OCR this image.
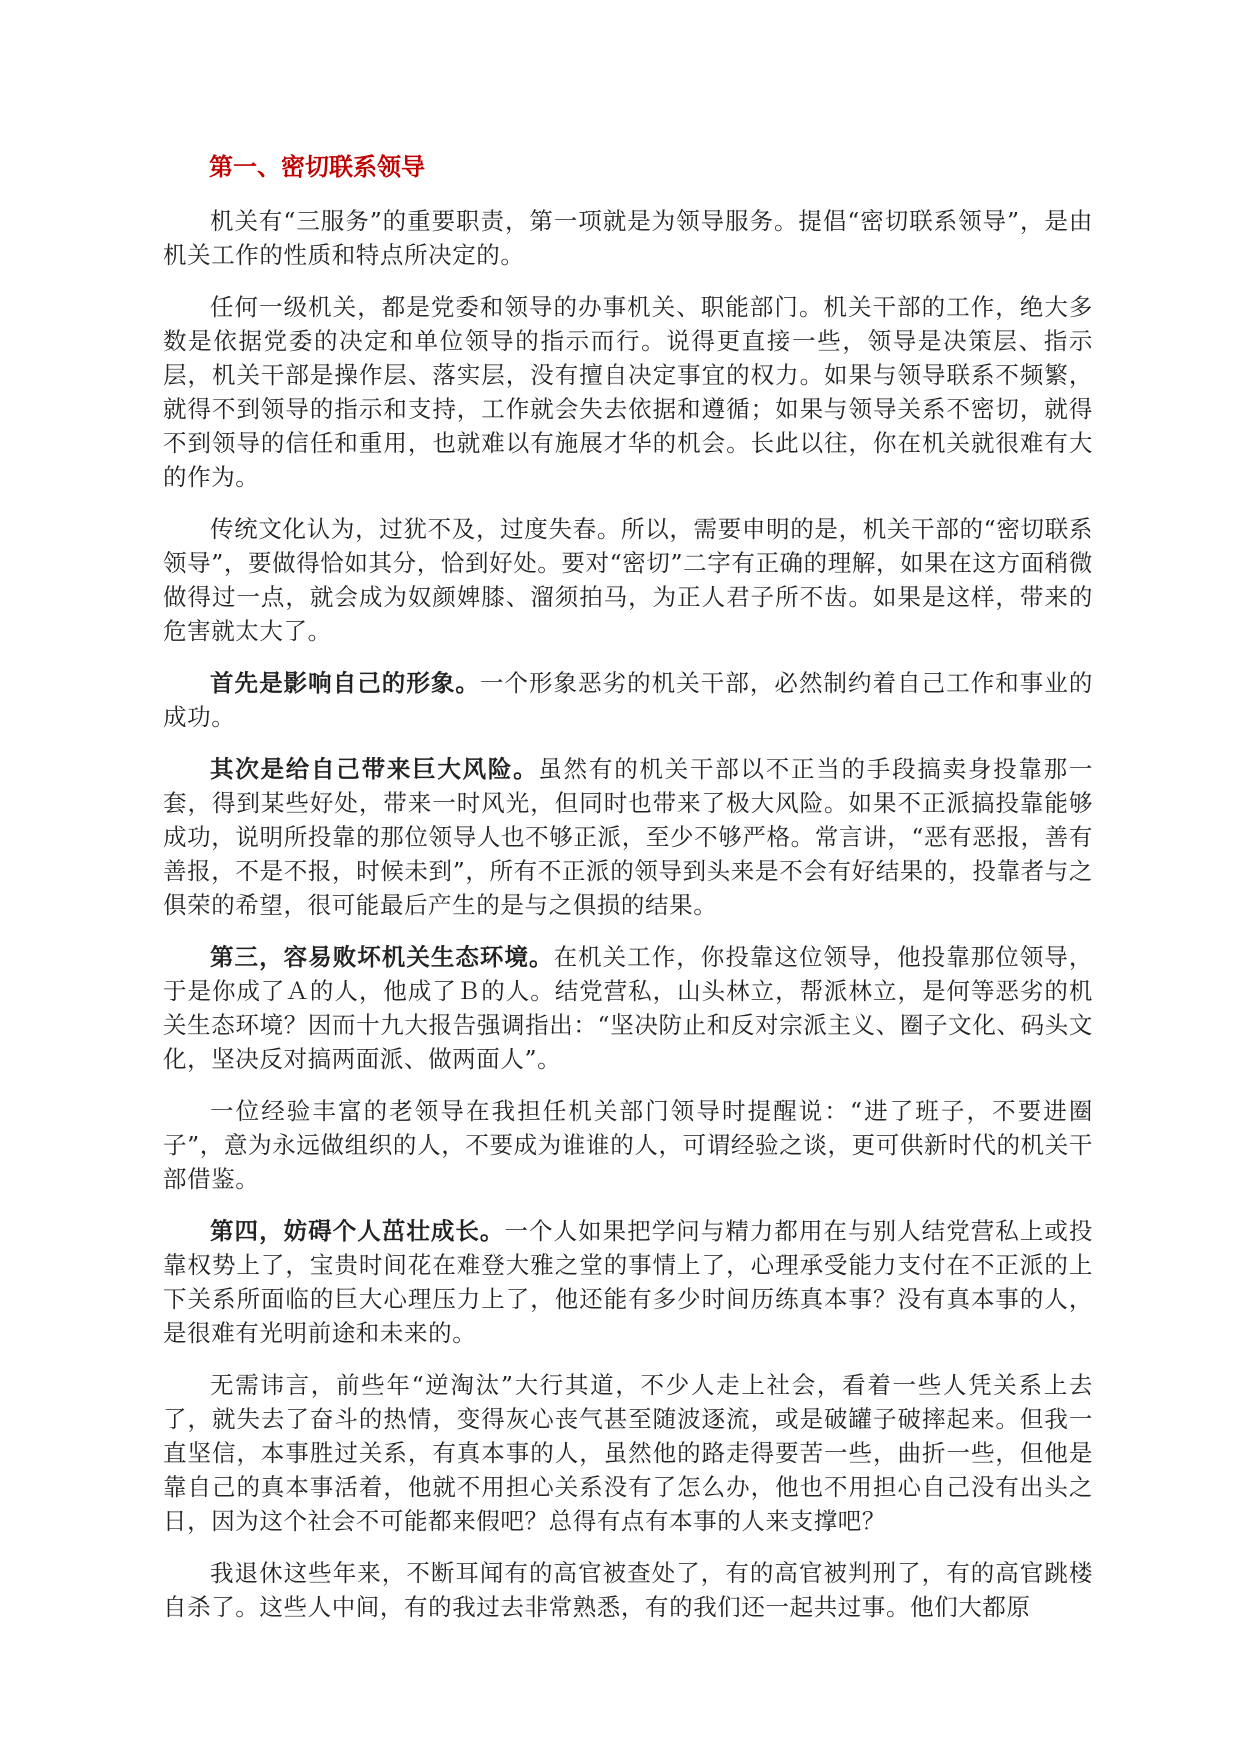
第一、密切联系领导

机关有“三服务”的重要职责，第一项就是为领导服务。提倡“密切联系领导”，是由机关工作的性质和特点所决定的。

任何一级机关，都是党委和领导的办事机关、职能部门。机关干部的工作，绝大多数是依据党委的决定和单位领导的指示而行。说得更直接一些，领导是决策层、指示层，机关干部是操作层、落实层，没有擅自决定事宜的权力。如果与领导联系不频繁，就得不到领导的指示和支持，工作就会失去依据和遵循；如果与领导关系不密切，就得不到领导的信任和重用，也就难以有施展才华的机会。长此以往，你在机关就很难有大的作为。

传统文化认为，过犹不及，过度失春。所以，需要申明的是，机关干部的“密切联系领导”，要做得恰如其分，恰到好处。要对“密切”二字有正确的理解，如果在这方面稍微做得过一点，就会成为奴颜婢膝、溜须拍马，为正人君子所不齿。如果是这样，带来的危害就太大了。

首先是影响自己的形象。一个形象恶劣的机关干部，必然制约着自己工作和事业的成功。

其次是给自己带来巨大风险。虽然有的机关干部以不正当的手段搞卖身投靠那一套，得到某些好处，带来一时风光，但同时也带来了极大风险。如果不正派搞投靠能够成功，说明所投靠的那位领导人也不够正派，至少不够严格。常言讲，“恶有恶报，善有善报，不是不报，时候未到”，所有不正派的领导到头来是不会有好结果的，投靠者与之俱荣的希望，很可能最后产生的是与之俱损的结果。

第三，容易败坏机关生态环境。在机关工作，你投靠这位领导，他投靠那位领导，于是你成了Ａ的人，他成了Ｂ的人。结党营私，山头林立，帮派林立，是何等恶劣的机关生态环境？因而十九大报告强调指出：“坚决防止和反对宗派主义、圈子文化、码头文化，坚决反对搞两面派、做两面人”。

一位经验丰富的老领导在我担任机关部门领导时提醒说：“进了班子，不要进圈子”，意为永远做组织的人，不要成为谁谁的人，可谓经验之谈，更可供新时代的机关干部借鉴。

第四，妨碍个人茁壮成长。一个人如果把学问与精力都用在与别人结党营私上或投靠权势上了，宝贵时间花在难登大雅之堂的事情上了，心理承受能力支付在不正派的上下关系所面临的巨大心理压力上了，他还能有多少时间历练真本事？没有真本事的人，是很难有光明前途和未来的。

无需讳言，前些年“逆淘汰”大行其道，不少人走上社会，看着一些人凭关系上去了，就失去了奋斗的热情，变得灰心丧气甚至随波逐流，或是破罐子破摔起来。但我一直坚信，本事胜过关系，有真本事的人，虽然他的路走得要苦一些，曲折一些，但他是靠自己的真本事活着，他就不用担心关系没有了怎么办，他也不用担心自己没有出头之日，因为这个社会不可能都来假吧？总得有点有本事的人来支撑吧？

我退休这些年来，不断耳闻有的高官被查处了，有的高官被判刑了，有的高官跳楼自杀了。这些人中间，有的我过去非常熟悉，有的我们还一起共过事。他们大都原
